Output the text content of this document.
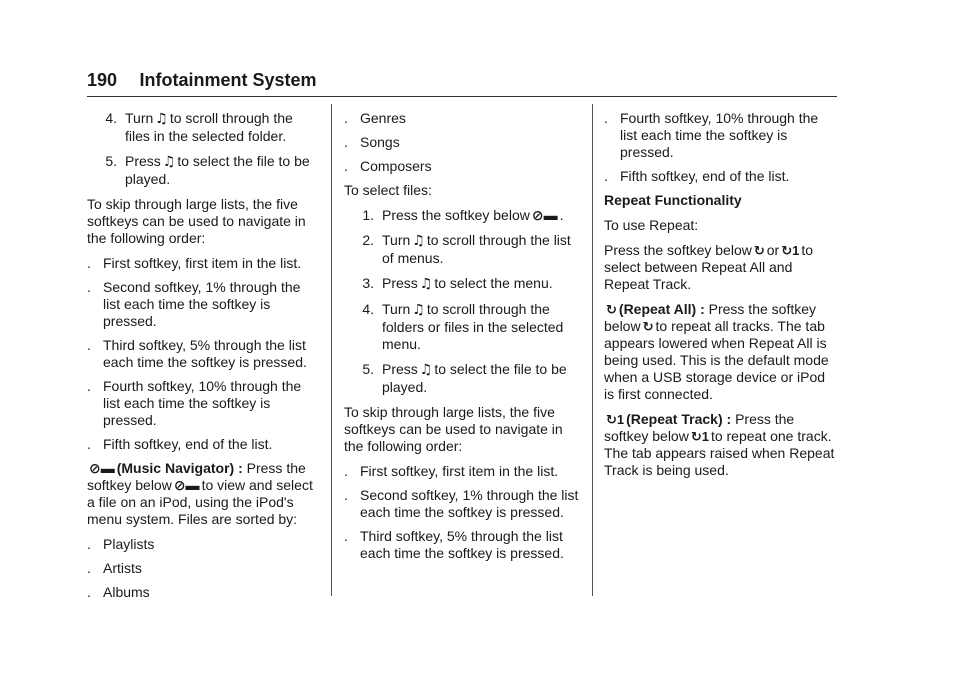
190 Infotainment System
4. Turn ♫ to scroll through the files in the selected folder.
5. Press ♫ to select the file to be played.

To skip through large lists, the five softkeys can be used to navigate in the following order:

. First softkey, first item in the list.
. Second softkey, 1% through the list each time the softkey is pressed.
. Third softkey, 5% through the list each time the softkey is pressed.
. Fourth softkey, 10% through the list each time the softkey is pressed.
. Fifth softkey, end of the list.

⊘▬ (Music Navigator) : Press the softkey below ⊘▬ to view and select a file on an iPod, using the iPod's menu system. Files are sorted by:

. Playlists
. Artists
. Albums
. Genres
. Songs
. Composers

To select files:

1. Press the softkey below ⊘▬ .
2. Turn ♫ to scroll through the list of menus.
3. Press ♫ to select the menu.
4. Turn ♫ to scroll through the folders or files in the selected menu.
5. Press ♫ to select the file to be played.

To skip through large lists, the five softkeys can be used to navigate in the following order:

. First softkey, first item in the list.
. Second softkey, 1% through the list each time the softkey is pressed.
. Third softkey, 5% through the list each time the softkey is pressed.
. Fourth softkey, 10% through the list each time the softkey is pressed.
. Fifth softkey, end of the list.

Repeat Functionality

To use Repeat:

Press the softkey below ↻ or ↻1 to select between Repeat All and Repeat Track.

↻ (Repeat All) : Press the softkey below ↻ to repeat all tracks. The tab appears lowered when Repeat All is being used. This is the default mode when a USB storage device or iPod is first connected.

↻1 (Repeat Track) : Press the softkey below ↻1 to repeat one track. The tab appears raised when Repeat Track is being used.
